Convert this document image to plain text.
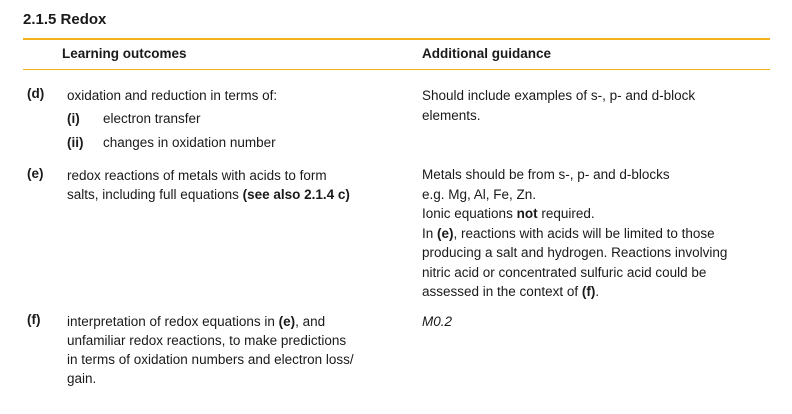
2.1.5 Redox
Learning outcomes	Additional guidance
(d) oxidation and reduction in terms of:
(i) electron transfer
(ii) changes in oxidation number
Should include examples of s-, p- and d-block
elements.
(e) redox reactions of metals with acids to form
salts, including full equations (see also 2.1.4 c)
Metals should be from s-, p- and d-blocks
e.g. Mg, Al, Fe, Zn.
Ionic equations not required.
In (e), reactions with acids will be limited to those
producing a salt and hydrogen. Reactions involving
nitric acid or concentrated sulfuric acid could be
assessed in the context of (f).
(f) interpretation of redox equations in (e), and
unfamiliar redox reactions, to make predictions
in terms of oxidation numbers and electron loss/
gain.
M0.2
